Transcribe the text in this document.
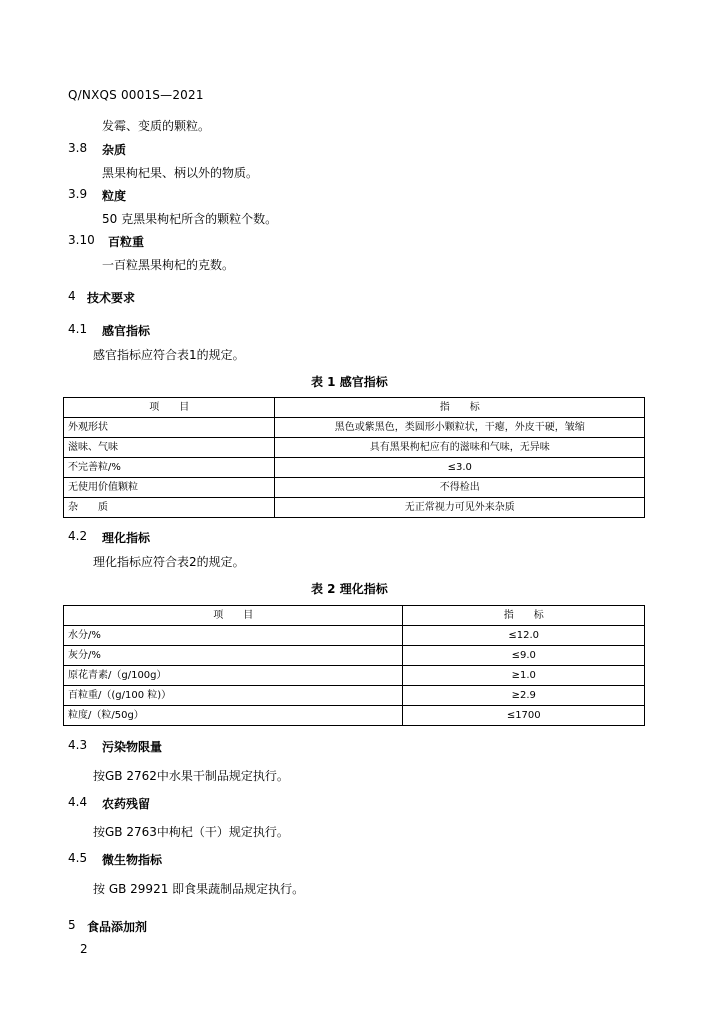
Q/NXQS 0001S—2021
发霉、变质的颗粒。
3.8 杂质
黑果枸杞果、柄以外的物质。
3.9 粒度
50 克黑果枸杞所含的颗粒个数。
3.10 百粒重
一百粒黑果枸杞的克数。
4 技术要求
4.1 感官指标
感官指标应符合表1的规定。
表 1 感官指标
项　　目	指　　标
外观形状	黑色或紫黑色，类圆形小颗粒状，干瘪，外皮干硬，皱缩
滋味、气味	具有黑果枸杞应有的滋味和气味，无异味
不完善粒/%	≤3.0
无使用价值颗粒	不得检出
杂　　质	无正常视力可见外来杂质
4.2 理化指标
理化指标应符合表2的规定。
表 2 理化指标
项　　目	指　　标
水分/%	≤12.0
灰分/%	≤9.0
原花青素/（g/100g）	≥1.0
百粒重/（(g/100 粒)）	≥2.9
粒度/（粒/50g）	≤1700
4.3 污染物限量
按GB 2762中水果干制品规定执行。
4.4 农药残留
按GB 2763中枸杞（干）规定执行。
4.5 微生物指标
按 GB 29921 即食果蔬制品规定执行。
5 食品添加剂
2
